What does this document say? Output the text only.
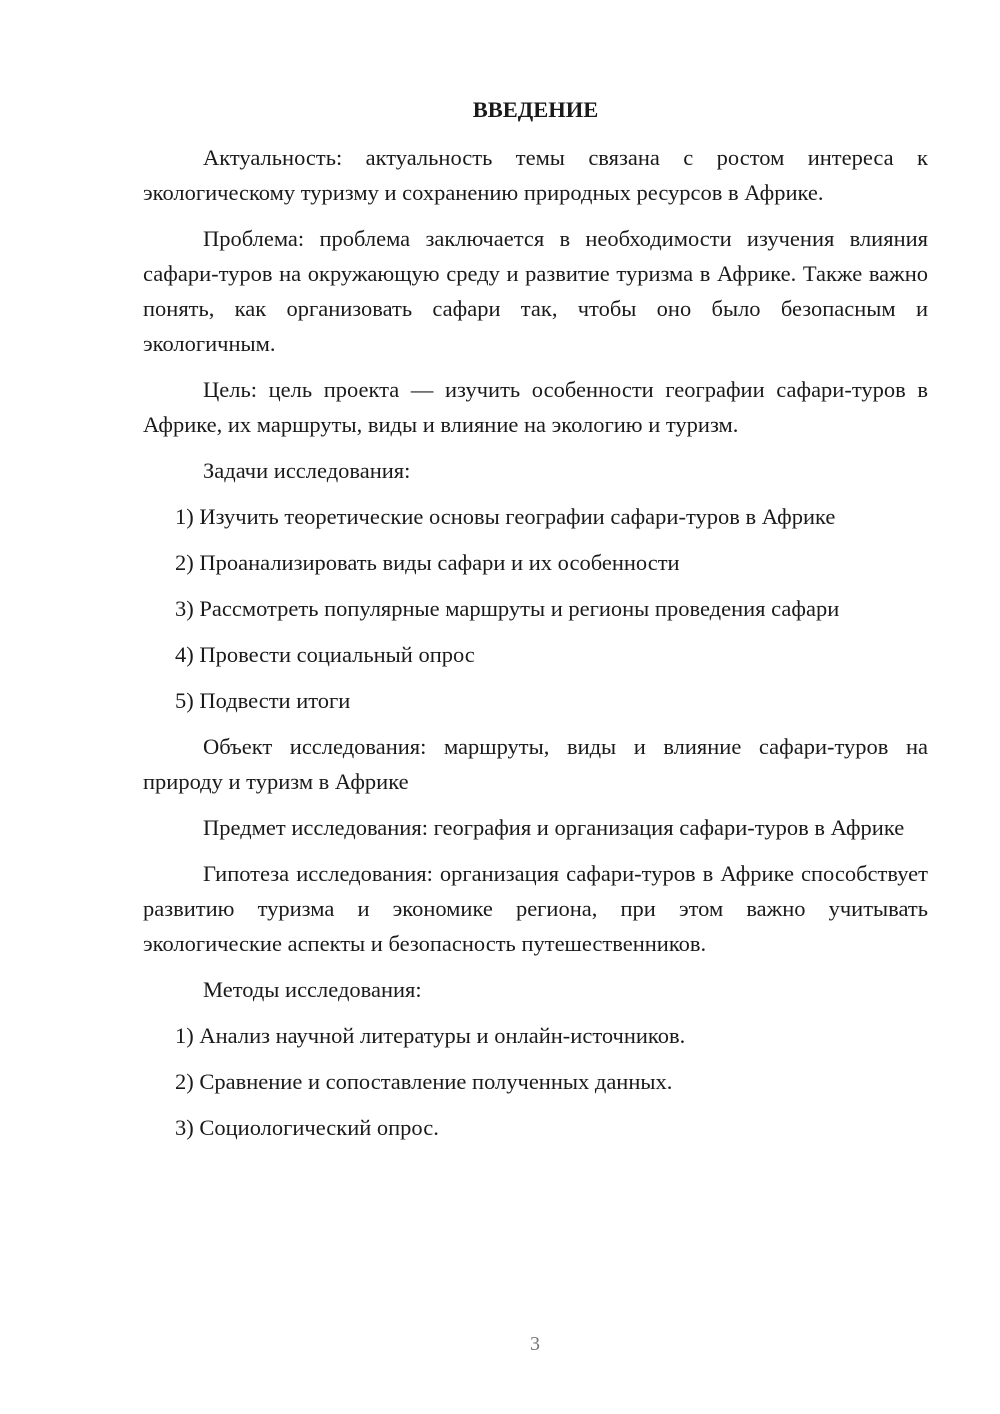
ВВЕДЕНИЕ

Актуальность: актуальность темы связана с ростом интереса к экологическому туризму и сохранению природных ресурсов в Африке.

Проблема: проблема заключается в необходимости изучения влияния сафари-туров на окружающую среду и развитие туризма в Африке. Также важно понять, как организовать сафари так, чтобы оно было безопасным и экологичным.

Цель: цель проекта — изучить особенности географии сафари-туров в Африке, их маршруты, виды и влияние на экологию и туризм.

Задачи исследования:

1) Изучить теоретические основы географии сафари-туров в Африке

2) Проанализировать виды сафари и их особенности

3) Рассмотреть популярные маршруты и регионы проведения сафари

4) Провести социальный опрос

5) Подвести итоги

Объект исследования: маршруты, виды и влияние сафари-туров на природу и туризм в Африке

Предмет исследования: география и организация сафари-туров в Африке

Гипотеза исследования: организация сафари-туров в Африке способствует развитию туризма и экономике региона, при этом важно учитывать экологические аспекты и безопасность путешественников.

Методы исследования:

1) Анализ научной литературы и онлайн-источников.

2) Сравнение и сопоставление полученных данных.

3) Социологический опрос.

3
